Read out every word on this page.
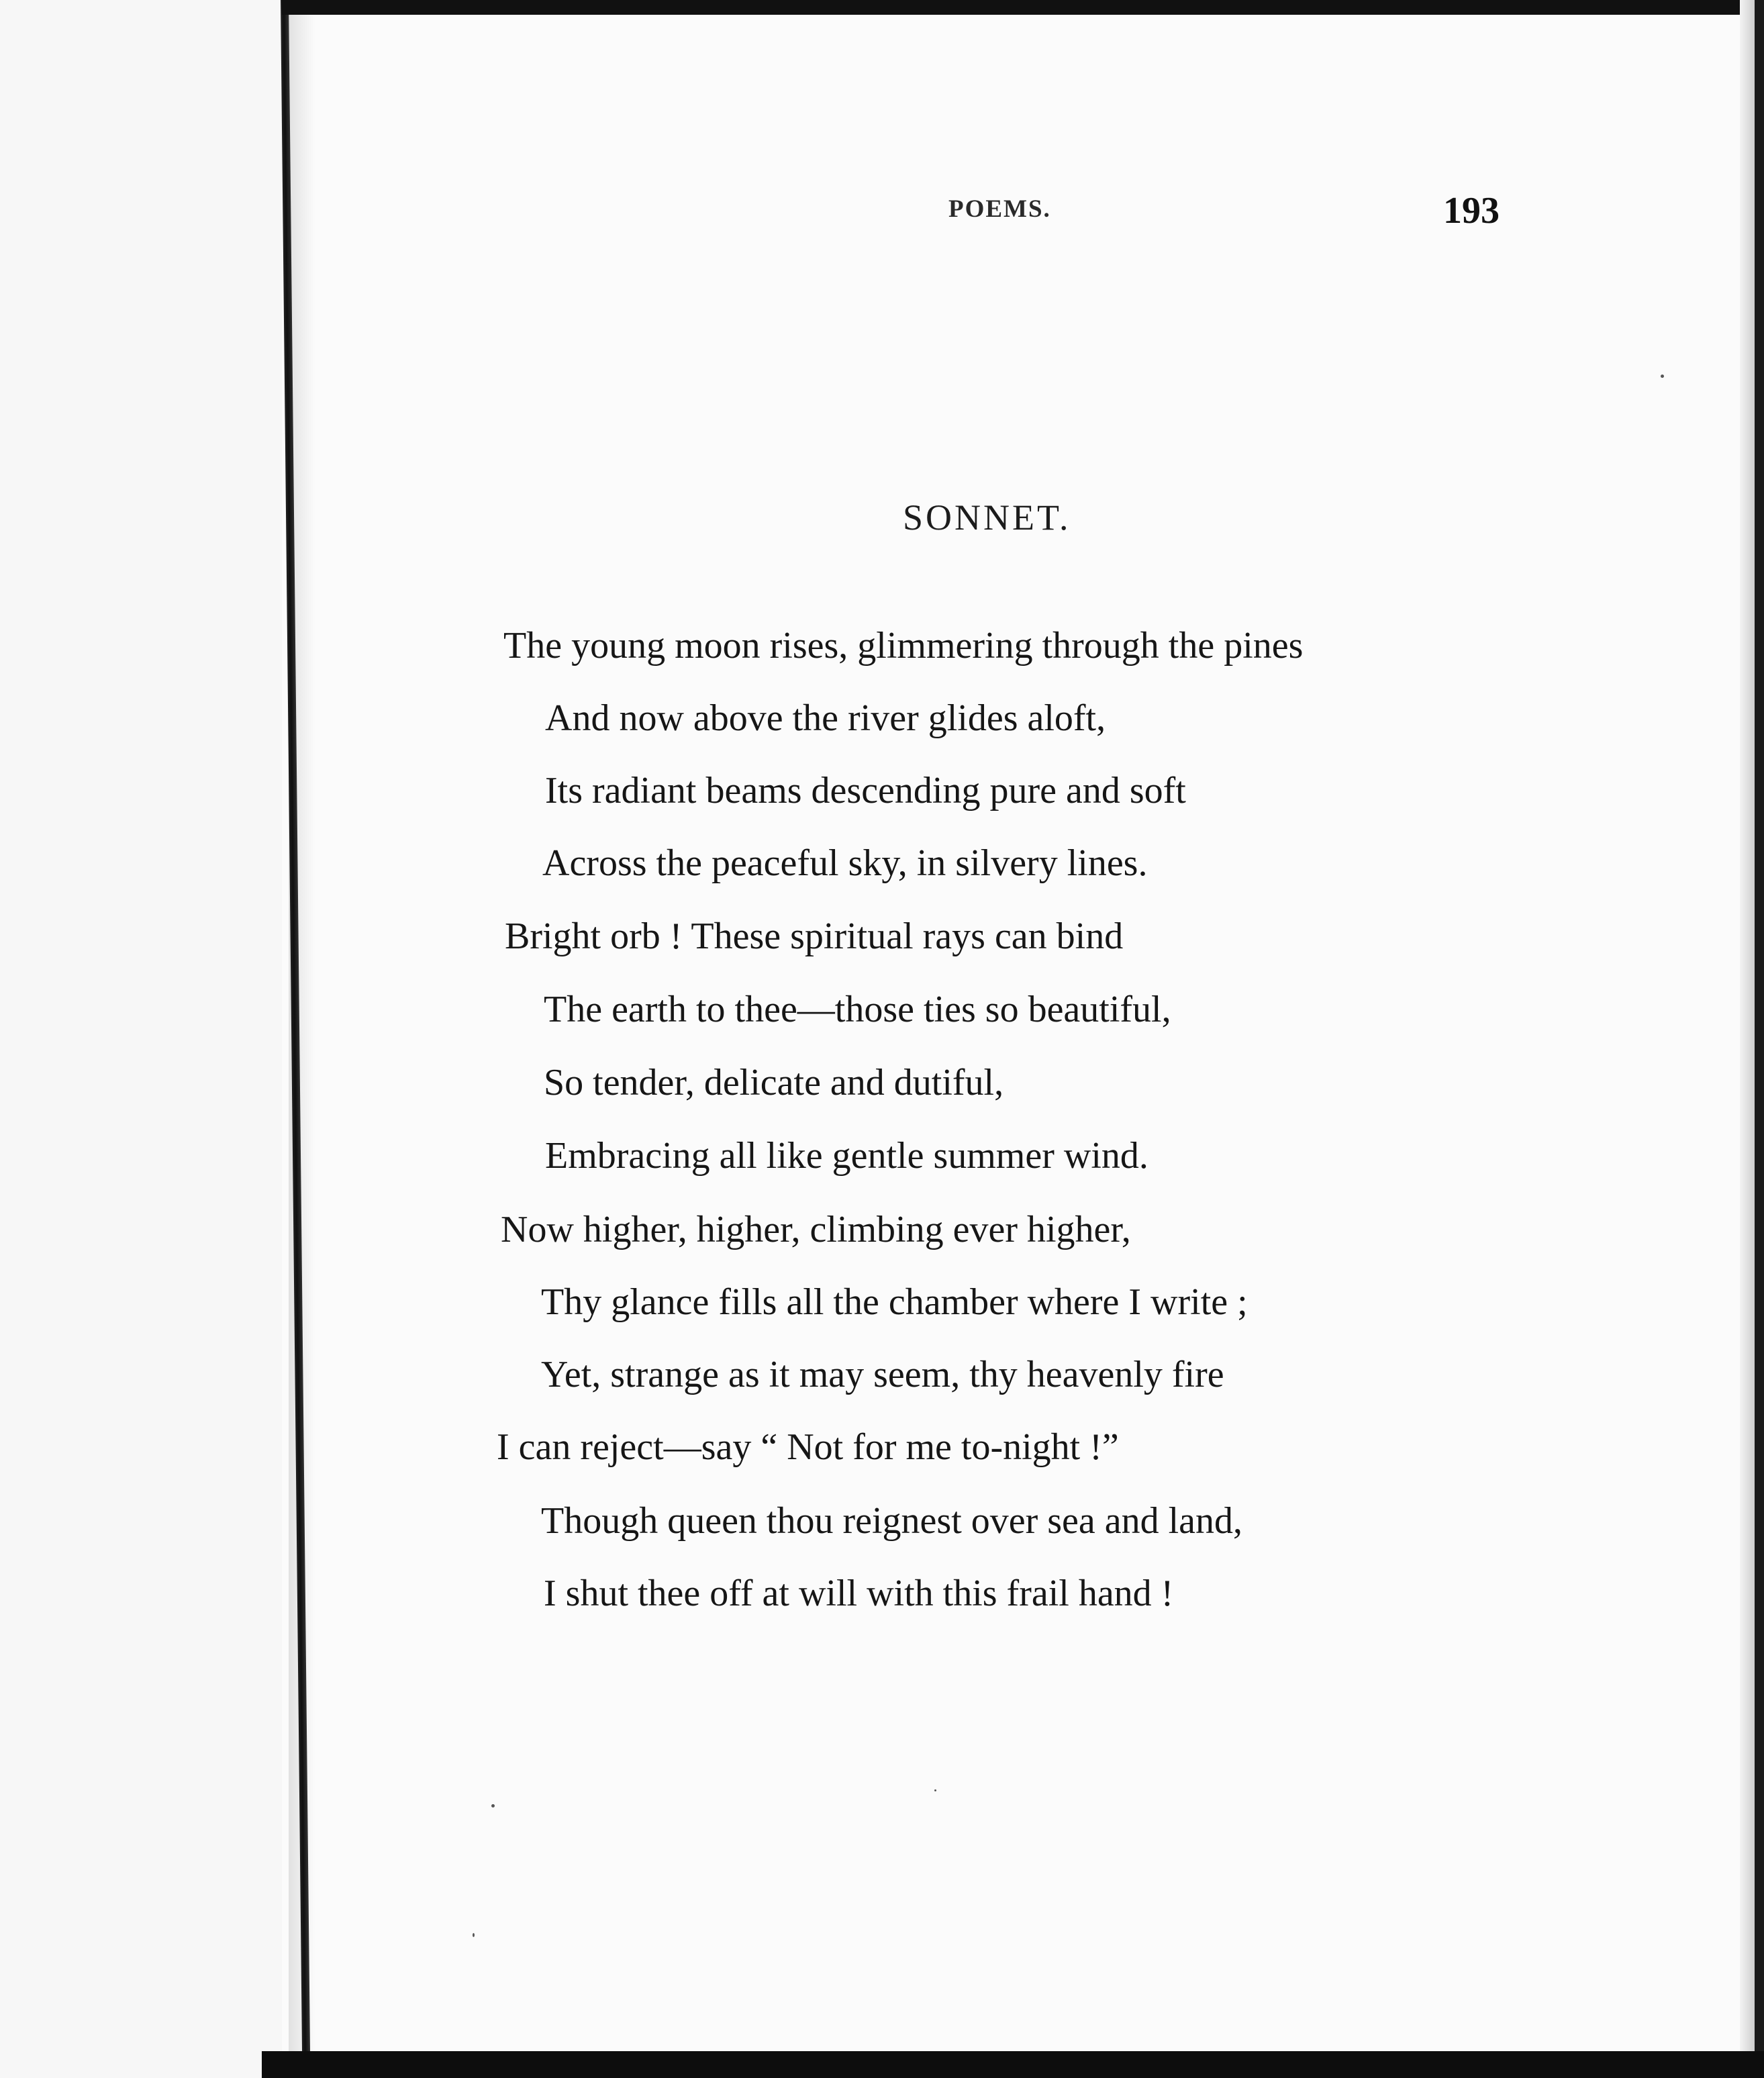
POEMS.	193
SONNET.
The young moon rises, glimmering through the pines
And now above the river glides aloft,
Its radiant beams descending pure and soft
Across the peaceful sky, in silvery lines.
Bright orb ! These spiritual rays can bind
The earth to thee—those ties so beautiful,
So tender, delicate and dutiful,
Embracing all like gentle summer wind.
Now higher, higher, climbing ever higher,
Thy glance fills all the chamber where I write ;
Yet, strange as it may seem, thy heavenly fire
I can reject—say “ Not for me to-night !”
Though queen thou reignest over sea and land,
I shut thee off at will with this frail hand !
